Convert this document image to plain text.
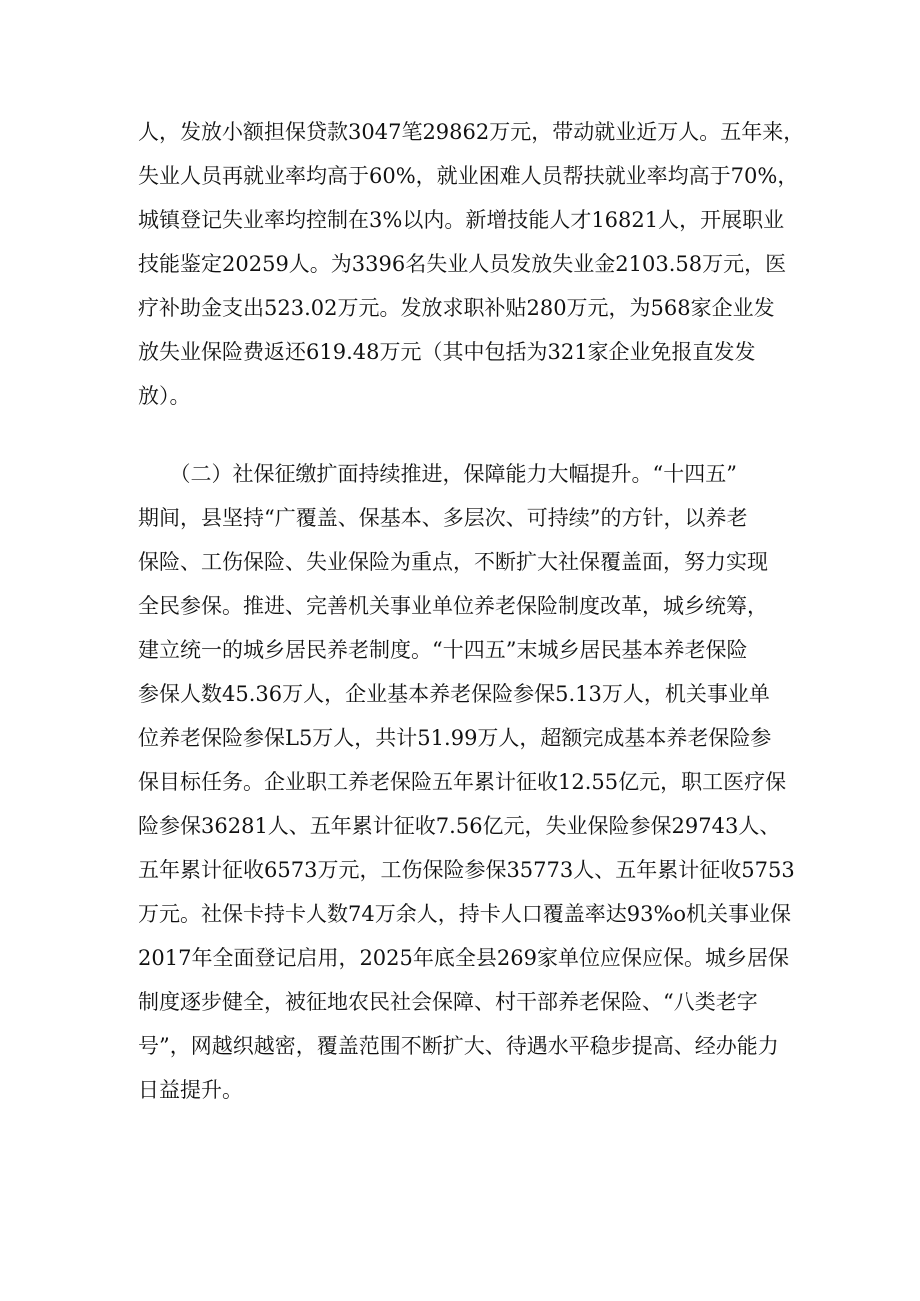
人，发放小额担保贷款3047笔29862万元，带动就业近万人。五年来，
失业人员再就业率均高于60%，就业困难人员帮扶就业率均高于70%，
城镇登记失业率均控制在3%以内。新增技能人才16821人，开展职业
技能鉴定20259人。为3396名失业人员发放失业金2103.58万元，医
疗补助金支出523.02万元。发放求职补贴280万元，为568家企业发
放失业保险费返还619.48万元（其中包括为321家企业免报直发发
放）。
　　（二）社保征缴扩面持续推进，保障能力大幅提升。“十四五”
期间，县坚持“广覆盖、保基本、多层次、可持续”的方针，以养老
保险、工伤保险、失业保险为重点，不断扩大社保覆盖面，努力实现
全民参保。推进、完善机关事业单位养老保险制度改革，城乡统筹，
建立统一的城乡居民养老制度。“十四五”末城乡居民基本养老保险
参保人数45.36万人，企业基本养老保险参保5.13万人，机关事业单
位养老保险参保L5万人，共计51.99万人，超额完成基本养老保险参
保目标任务。企业职工养老保险五年累计征收12.55亿元，职工医疗保
险参保36281人、五年累计征收7.56亿元，失业保险参保29743人、
五年累计征收6573万元，工伤保险参保35773人、五年累计征收5753
万元。社保卡持卡人数74万余人，持卡人口覆盖率达93%o机关事业保
2017年全面登记启用，2025年底全县269家单位应保应保。城乡居保
制度逐步健全，被征地农民社会保障、村干部养老保险、“八类老字
号”，网越织越密，覆盖范围不断扩大、待遇水平稳步提高、经办能力
日益提升。
